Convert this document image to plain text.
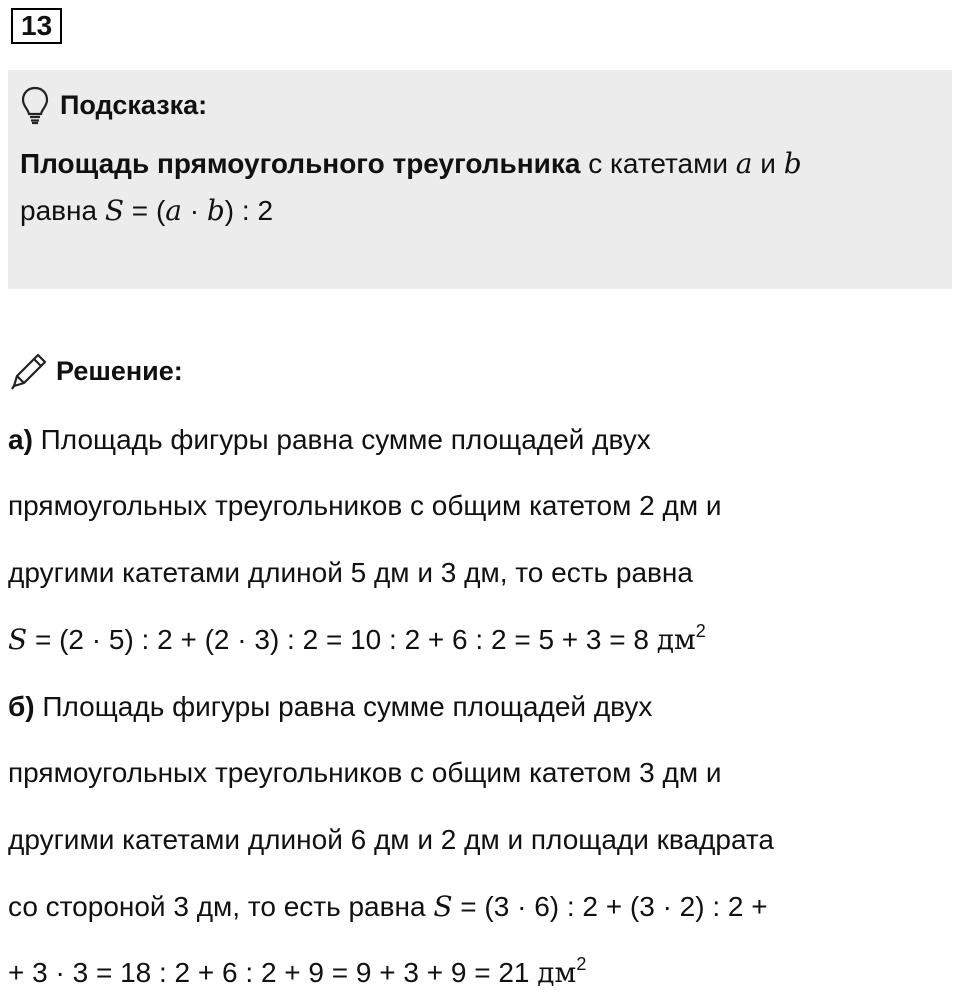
13
Подсказка:
Площадь прямоугольного треугольника с катетами a и b
равна S = (a · b) : 2
Решение:
а) Площадь фигуры равна сумме площадей двух
прямоугольных треугольников с общим катетом 2 дм и
другими катетами длиной 5 дм и 3 дм, то есть равна
S = (2 · 5) : 2 + (2 · 3) : 2 = 10 : 2 + 6 : 2 = 5 + 3 = 8 $дм^2$
б) Площадь фигуры равна сумме площадей двух
прямоугольных треугольников с общим катетом 3 дм и
другими катетами длиной 6 дм и 2 дм и площади квадрата
со стороной 3 дм, то есть равна S = (3 · 6) : 2 + (3 · 2) : 2 +
+ 3 · 3 = 18 : 2 + 6 : 2 + 9 = 9 + 3 + 9 = 21 $дм^2$
